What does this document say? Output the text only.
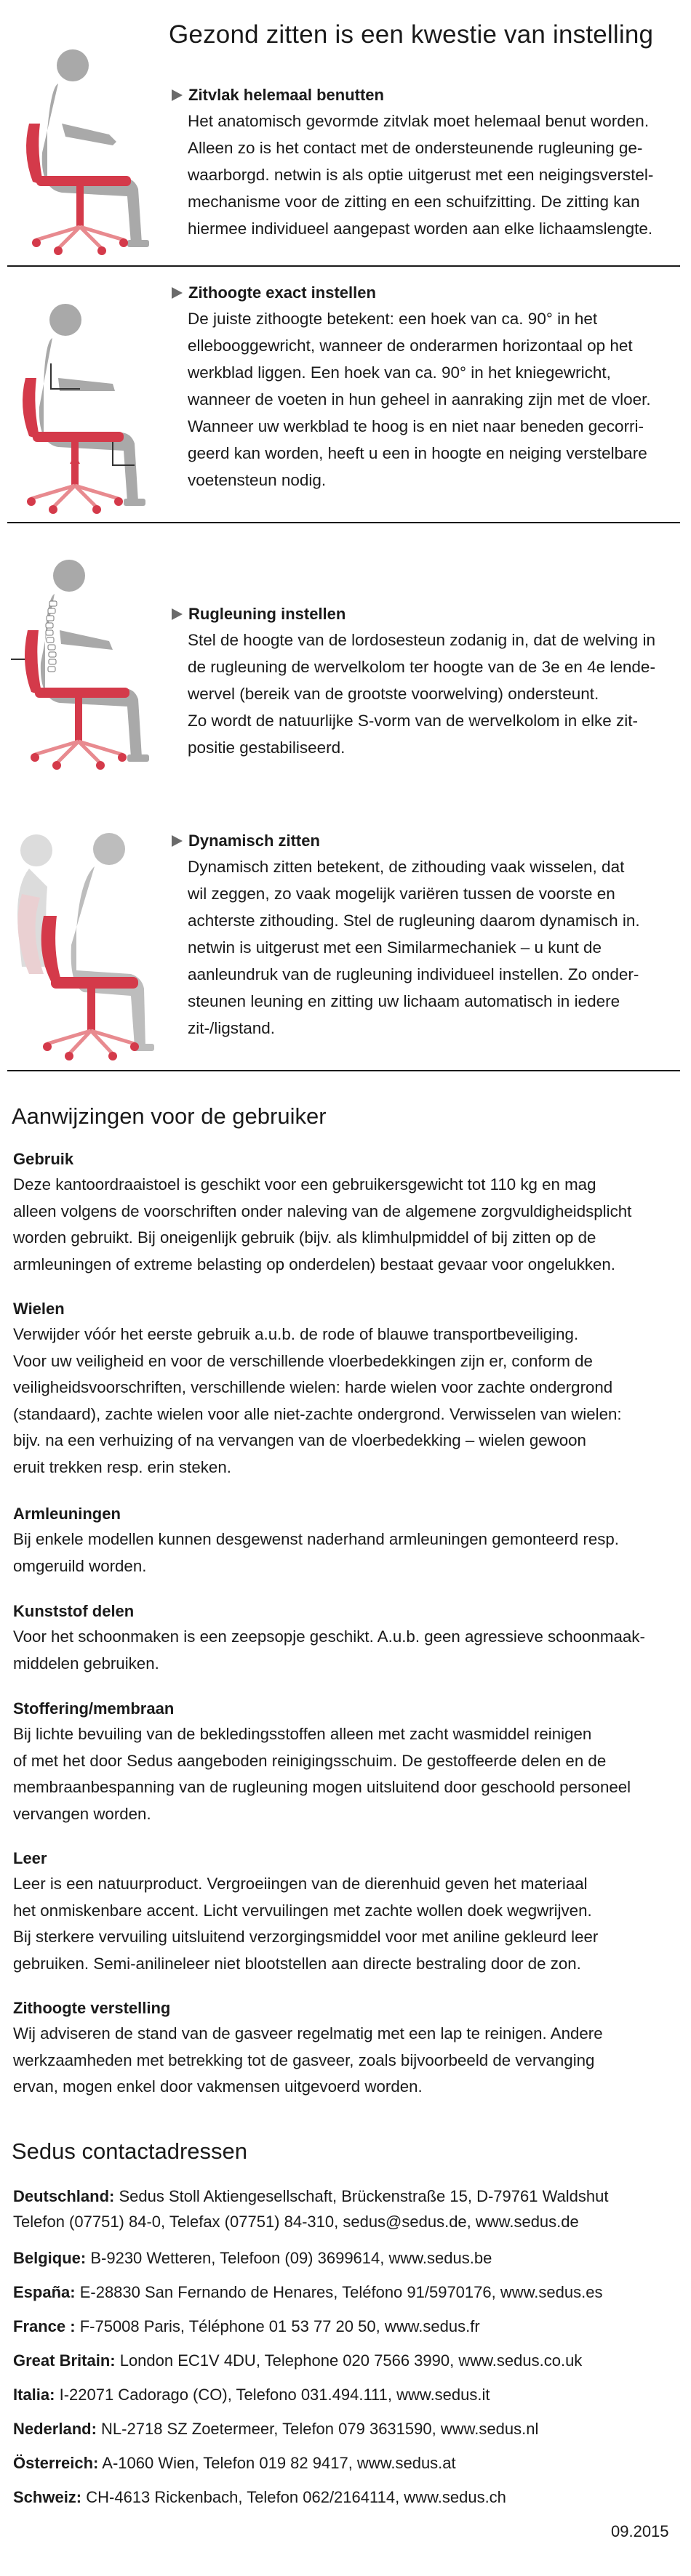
Gezond zitten is een kwestie van instelling
Zitvlak helemaal benutten
Het anatomisch gevormde zitvlak moet helemaal benut worden.
Alleen zo is het contact met de ondersteunende rugleuning ge-
waarborgd. netwin is als optie uitgerust met een neigingsverstel-
mechanisme voor de zitting en een schuifzitting. De zitting kan
hiermee individueel aangepast worden aan elke lichaamslengte.
Zithoogte exact instellen
De juiste zithoogte betekent: een hoek van ca. 90° in het
ellebooggewricht, wanneer de onderarmen horizontaal op het
werkblad liggen. Een hoek van ca. 90° in het kniegewricht,
wanneer de voeten in hun geheel in aanraking zijn met de vloer.
Wanneer uw werkblad te hoog is en niet naar beneden gecorri-
geerd kan worden, heeft u een in hoogte en neiging verstelbare
voetensteun nodig.
Rugleuning instellen
Stel de hoogte van de lordosesteun zodanig in, dat de welving in
de rugleuning de wervelkolom ter hoogte van de 3e en 4e lende-
wervel (bereik van de grootste voorwelving) ondersteunt.
Zo wordt de natuurlijke S-vorm van de wervelkolom in elke zit-
positie gestabiliseerd.
Dynamisch zitten
Dynamisch zitten betekent, de zithouding vaak wisselen, dat
wil zeggen, zo vaak mogelijk variëren tussen de voorste en
achterste zithouding. Stel de rugleuning daarom dynamisch in.
netwin is uitgerust met een Similarmechaniek – u kunt de
aanleundruk van de rugleuning individueel instellen. Zo onder-
steunen leuning en zitting uw lichaam automatisch in iedere
zit-/ligstand.
Aanwijzingen voor de gebruiker
Gebruik
Deze kantoordraaistoel is geschikt voor een gebruikersgewicht tot 110 kg en mag
alleen volgens de voorschriften onder naleving van de algemene zorgvuldigheidsplicht
worden gebruikt. Bij oneigenlijk gebruik (bijv. als klimhulpmiddel of bij zitten op de
armleuningen of extreme belasting op onderdelen) bestaat gevaar voor ongelukken.
Wielen
Verwijder vóór het eerste gebruik a.u.b. de rode of blauwe transportbeveiliging.
Voor uw veiligheid en voor de verschillende vloerbedekkingen zijn er, conform de
veiligheidsvoorschriften, verschillende wielen: harde wielen voor zachte ondergrond
(standaard), zachte wielen voor alle niet-zachte ondergrond. Verwisselen van wielen:
bijv. na een verhuizing of na vervangen van de vloerbedekking – wielen gewoon
eruit trekken resp. erin steken.
Armleuningen
Bij enkele modellen kunnen desgewenst naderhand armleuningen gemonteerd resp.
omgeruild worden.
Kunststof delen
Voor het schoonmaken is een zeepsopje geschikt. A.u.b. geen agressieve schoonmaak-
middelen gebruiken.
Stoffering/membraan
Bij lichte bevuiling van de bekledingsstoffen alleen met zacht wasmiddel reinigen
of met het door Sedus aangeboden reinigingsschuim. De gestoffeerde delen en de
membraanbespanning van de rugleuning mogen uitsluitend door geschoold personeel
vervangen worden.
Leer
Leer is een natuurproduct. Vergroeiingen van de dierenhuid geven het materiaal
het onmiskenbare accent. Licht vervuilingen met zachte wollen doek wegwrijven.
Bij sterkere vervuiling uitsluitend verzorgingsmiddel voor met aniline gekleurd leer
gebruiken. Semi-anilineleer niet blootstellen aan directe bestraling door de zon.
Zithoogte verstelling
Wij adviseren de stand van de gasveer regelmatig met een lap te reinigen. Andere
werkzaamheden met betrekking tot de gasveer, zoals bijvoorbeeld de vervanging
ervan, mogen enkel door vakmensen uitgevoerd worden.
Sedus contactadressen
Deutschland: Sedus Stoll Aktiengesellschaft, Brückenstraße 15, D-79761 Waldshut
Telefon (07751) 84-0, Telefax (07751) 84-310, sedus@sedus.de, www.sedus.de
Belgique: B-9230 Wetteren, Telefoon (09) 3699614, www.sedus.be
España: E-28830 San Fernando de Henares, Teléfono 91/5970176, www.sedus.es
France : F-75008 Paris, Téléphone 01 53 77 20 50, www.sedus.fr
Great Britain: London EC1V 4DU, Telephone 020 7566 3990, www.sedus.co.uk
Italia: I-22071 Cadorago (CO), Telefono 031.494.111, www.sedus.it
Nederland: NL-2718 SZ Zoetermeer, Telefon 079 3631590, www.sedus.nl
Österreich: A-1060 Wien, Telefon 019 82 9417, www.sedus.at
Schweiz: CH-4613 Rickenbach, Telefon 062/2164114, www.sedus.ch
09.2015
